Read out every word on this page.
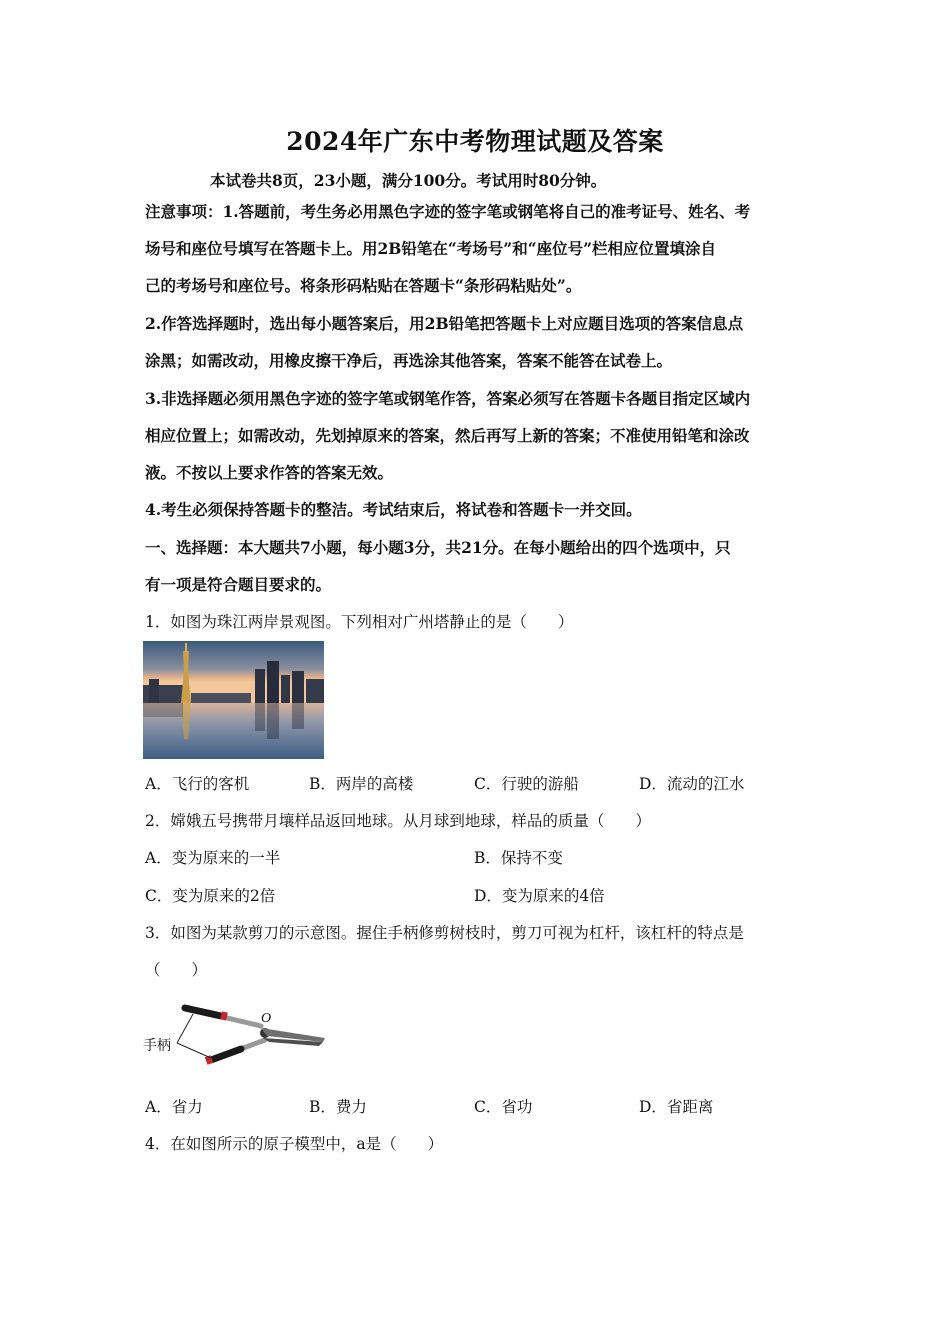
2024年广东中考物理试题及答案
本试卷共8页，23小题，满分100分。考试用时80分钟。
注意事项：1.答题前，考生务必用黑色字迹的签字笔或钢笔将自己的准考证号、姓名、考
场号和座位号填写在答题卡上。用2B铅笔在“考场号”和“座位号”栏相应位置填涂自
己的考场号和座位号。将条形码粘贴在答题卡“条形码粘贴处”。
2.作答选择题时，选出每小题答案后，用2B铅笔把答题卡上对应题目选项的答案信息点
涂黑；如需改动，用橡皮擦干净后，再选涂其他答案，答案不能答在试卷上。
3.非选择题必须用黑色字迹的签字笔或钢笔作答，答案必须写在答题卡各题目指定区域内
相应位置上；如需改动，先划掉原来的答案，然后再写上新的答案；不准使用铅笔和涂改
液。不按以上要求作答的答案无效。
4.考生必须保持答题卡的整洁。考试结束后，将试卷和答题卡一并交回。
一、选择题：本大题共7小题，每小题3分，共21分。在每小题给出的四个选项中，只
有一项是符合题目要求的。
1．如图为珠江两岸景观图。下列相对广州塔静止的是（　　）
A．飞行的客机	B．两岸的高楼	C．行驶的游船	D．流动的江水
2．嫦娥五号携带月壤样品返回地球。从月球到地球，样品的质量（　　）
A．变为原来的一半	B．保持不变
C．变为原来的2倍	D．变为原来的4倍
3．如图为某款剪刀的示意图。握住手柄修剪树枝时，剪刀可视为杠杆，该杠杆的特点是
（　　）
O
手柄
A．省力	B．费力	C．省功	D．省距离
4．在如图所示的原子模型中，a是（　　）
